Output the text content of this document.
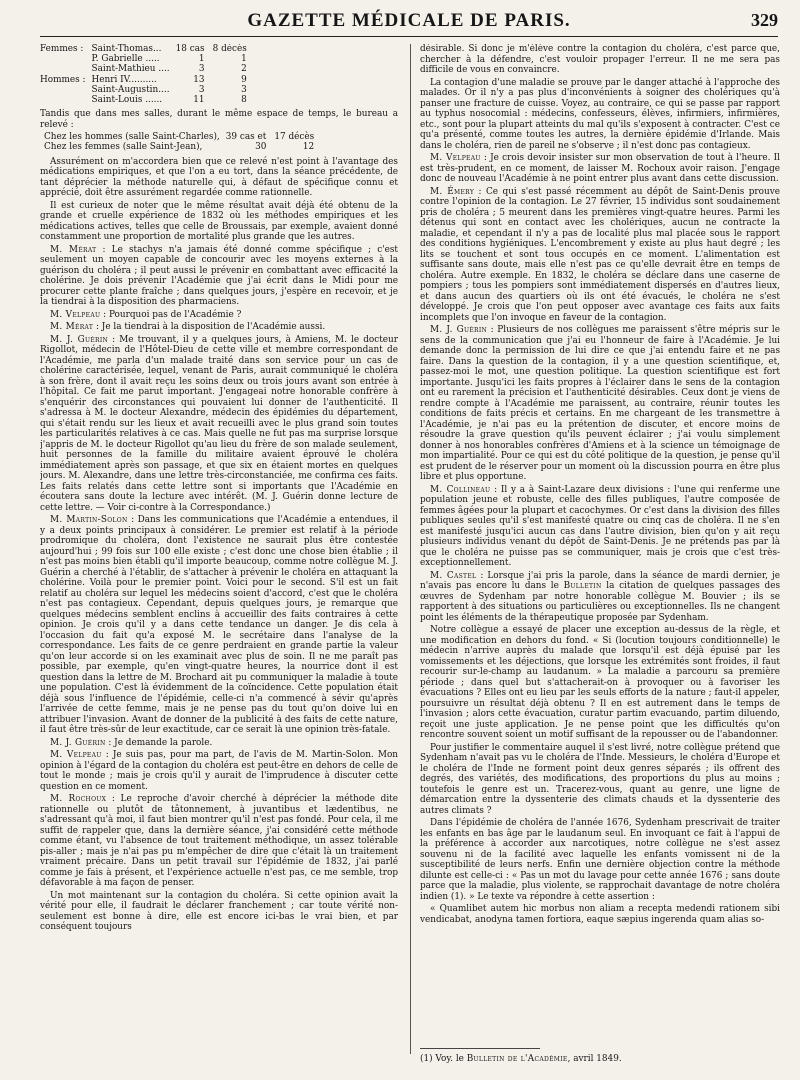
GAZETTE MÉDICALE DE PARIS.	329
Femmes :	Saint-Thomas...	18 cas	8 décès
	P. Gabrielle .....	1	1
	Saint-Mathieu ....	3	2
Hommes :	Henri IV..........	13	9
	Saint-Augustin....	3	3
	Saint-Louis ......	11	8

Tandis que dans mes salles, durant le même espace de temps, le bureau a relevé :

Chez les hommes (salle Saint-Charles),	39 cas et	17 décès
Chez les femmes (salle Saint-Jean),	30	12

Assurément on m'accordera bien que ce relevé n'est point à l'avantage des médications empiriques, et que l'on a eu tort, dans la séance précédente, de tant déprécier la méthode naturelle qui, à défaut de spécifique connu et apprécié, doit être assurément regardée comme rationnelle.

Il est curieux de noter que le même résultat avait déjà été obtenu de la grande et cruelle expérience de 1832 où les méthodes empiriques et les médications actives, telles que celle de Broussais, par exemple, avaient donné constamment une proportion de mortalité plus grande que les autres.

M. Mérat : Le stachys n'a jamais été donné comme spécifique ; c'est seulement un moyen capable de concourir avec les moyens externes à la guérison du choléra ; il peut aussi le prévenir en combattant avec efficacité la cholérine. Je dois prévenir l'Académie que j'ai écrit dans le Midi pour me procurer cette plante fraîche ; dans quelques jours, j'espère en recevoir, et je la tiendrai à la disposition des pharmaciens.

M. Velpeau : Pourquoi pas de l'Académie ?

M. Mérat : Je la tiendrai à la disposition de l'Académie aussi.

M. J. Guérin : Me trouvant, il y a quelques jours, à Amiens, M. le docteur Rigollot, médecin de l'Hôtel-Dieu de cette ville et membre correspondant de l'Académie, me parla d'un malade traité dans son service pour un cas de cholérine caractérisée, lequel, venant de Paris, aurait communiqué le choléra à son frère, dont il avait reçu les soins deux ou trois jours avant son entrée à l'hôpital. Ce fait me parut important. J'engageai notre honorable confrère à s'enquérir des circonstances qui pouvaient lui donner de l'authenticité. Il s'adressa à M. le docteur Alexandre, médecin des épidémies du département, qui s'était rendu sur les lieux et avait recueilli avec le plus grand soin toutes les particularités relatives à ce cas. Mais quelle ne fut pas ma surprise lorsque j'appris de M. le docteur Rigollot qu'au lieu du frère de son malade seulement, huit personnes de la famille du militaire avaient éprouvé le choléra immédiatement après son passage, et que six en étaient mortes en quelques jours. M. Alexandre, dans une lettre très-circonstanciée, me confirma ces faits. Les faits relatés dans cette lettre sont si importants que l'Académie en écoutera sans doute la lecture avec intérêt. (M. J. Guérin donne lecture de cette lettre. — Voir ci-contre à la Correspondance.)

M. Martin-Solon : Dans les communications que l'Académie a entendues, il y a deux points principaux à considérer. Le premier est relatif à la période prodromique du choléra, dont l'existence ne saurait plus être contestée aujourd'hui ; 99 fois sur 100 elle existe ; c'est donc une chose bien établie ; il n'est pas moins bien établi qu'il importe beaucoup, comme notre collègue M. J. Guérin a cherché à l'établir, de s'attacher à prévenir le choléra en attaquant la cholérine. Voilà pour le premier point. Voici pour le second. S'il est un fait relatif au choléra sur lequel les médecins soient d'accord, c'est que le choléra n'est pas contagieux. Cependant, depuis quelques jours, je remarque que quelques médecins semblent enclins à accueillir des faits contraires à cette opinion. Je crois qu'il y a dans cette tendance un danger. Je dis cela à l'occasion du fait qu'a exposé M. le secrétaire dans l'analyse de la correspondance. Les faits de ce genre perdraient en grande partie la valeur qu'on leur accorde si on les examinait avec plus de soin. Il ne me paraît pas possible, par exemple, qu'en vingt-quatre heures, la nourrice dont il est question dans la lettre de M. Brochard ait pu communiquer la maladie à toute une population. C'est là évidemment de la coïncidence. Cette population était déjà sous l'influence de l'épidémie, celle-ci n'a commencé à sévir qu'après l'arrivée de cette femme, mais je ne pense pas du tout qu'on doive lui en attribuer l'invasion. Avant de donner de la publicité à des faits de cette nature, il faut être très-sûr de leur exactitude, car ce serait là une opinion très-fatale.

M. J. Guérin : Je demande la parole.

M. Velpeau : Je suis pas, pour ma part, de l'avis de M. Martin-Solon. Mon opinion à l'égard de la contagion du choléra est peut-être en dehors de celle de tout le monde ; mais je crois qu'il y aurait de l'imprudence à discuter cette question en ce moment.

M. Rochoux : Le reproche d'avoir cherché à déprécier la méthode dite rationnelle ou plutôt de tâtonnement, à juvantibus et lædentibus, ne s'adressant qu'à moi, il faut bien montrer qu'il n'est pas fondé. Pour cela, il me suffit de rappeler que, dans la dernière séance, j'ai considéré cette méthode comme étant, vu l'absence de tout traitement méthodique, un assez tolérable pis-aller ; mais je n'ai pas pu m'empêcher de dire que c'était là un traitement vraiment précaire. Dans un petit travail sur l'épidémie de 1832, j'ai parlé comme je fais à présent, et l'expérience actuelle n'est pas, ce me semble, trop défavorable à ma façon de penser.

Un mot maintenant sur la contagion du choléra. Si cette opinion avait la vérité pour elle, il faudrait le déclarer franchement ; car toute vérité non-seulement est bonne à dire, elle est encore ici-bas le vrai bien, et par conséquent toujours

désirable. Si donc je m'élève contre la contagion du choléra, c'est parce que, chercher à la défendre, c'est vouloir propager l'erreur. Il ne me sera pas difficile de vous en convaincre.

La contagion d'une maladie se prouve par le danger attaché à l'approche des malades. Or il n'y a pas plus d'inconvénients à soigner des cholériques qu'à panser une fracture de cuisse. Voyez, au contraire, ce qui se passe par rapport au typhus nosocomial : médecins, confesseurs, élèves, infirmiers, infirmières, etc., sont pour la plupart atteints du mal qu'ils s'exposent à contracter. C'est ce qu'a présenté, comme toutes les autres, la dernière épidémie d'Irlande. Mais dans le choléra, rien de pareil ne s'observe ; il n'est donc pas contagieux.

M. Velpeau : Je crois devoir insister sur mon observation de tout à l'heure. Il est très-prudent, en ce moment, de laisser M. Rochoux avoir raison. J'engage donc de nouveau l'Académie à ne point entrer plus avant dans cette discussion.

M. Émery : Ce qui s'est passé récemment au dépôt de Saint-Denis prouve contre l'opinion de la contagion. Le 27 février, 15 individus sont soudainement pris de choléra ; 5 meurent dans les premières vingt-quatre heures. Parmi les détenus qui sont en contact avec les cholériques, aucun ne contracte la maladie, et cependant il n'y a pas de localité plus mal placée sous le rapport des conditions hygiéniques. L'encombrement y existe au plus haut degré ; les lits se touchent et sont tous occupés en ce moment. L'alimentation est suffisante sans doute, mais elle n'est pas ce qu'elle devrait être en temps de choléra. Autre exemple. En 1832, le choléra se déclare dans une caserne de pompiers ; tous les pompiers sont immédiatement dispersés en d'autres lieux, et dans aucun des quartiers où ils ont été évacués, le choléra ne s'est développé. Je crois que l'on peut opposer avec avantage ces faits aux faits incomplets que l'on invoque en faveur de la contagion.

M. J. Guérin : Plusieurs de nos collègues me paraissent s'être mépris sur le sens de la communication que j'ai eu l'honneur de faire à l'Académie. Je lui demande donc la permission de lui dire ce que j'ai entendu faire et ne pas faire. Dans la question de la contagion, il y a une question scientifique, et, passez-moi le mot, une question politique. La question scientifique est fort importante. Jusqu'ici les faits propres à l'éclairer dans le sens de la contagion ont eu rarement la précision et l'authenticité désirables. Ceux dont je viens de rendre compte à l'Académie me paraissent, au contraire, réunir toutes les conditions de faits précis et certains. En me chargeant de les transmettre à l'Académie, je n'ai pas eu la prétention de discuter, et encore moins de résoudre la grave question qu'ils peuvent éclairer ; j'ai voulu simplement donner à nos honorables confrères d'Amiens et à la science un témoignage de mon impartialité. Pour ce qui est du côté politique de la question, je pense qu'il est prudent de le réserver pour un moment où la discussion pourra en être plus libre et plus opportune.

M. Collineau : Il y a à Saint-Lazare deux divisions : l'une qui renferme une population jeune et robuste, celle des filles publiques, l'autre composée de femmes âgées pour la plupart et cacochymes. Or c'est dans la division des filles publiques seules qu'il s'est manifesté quatre ou cinq cas de choléra. Il ne s'en est manifesté jusqu'ici aucun cas dans l'autre division, bien qu'on y ait reçu plusieurs individus venant du dépôt de Saint-Denis. Je ne prétends pas par là que le choléra ne puisse pas se communiquer, mais je crois que c'est très-exceptionnellement.

M. Castel : Lorsque j'ai pris la parole, dans la séance de mardi dernier, je n'avais pas encore lu dans le Bulletin la citation de quelques passages des œuvres de Sydenham par notre honorable collègue M. Bouvier ; ils se rapportent à des situations ou particulières ou exceptionnelles. Ils ne changent point les éléments de la thérapeutique proposée par Sydenham.

Notre collègue a essayé de placer une exception au-dessus de la règle, et une modification en dehors du fond. « Si (locution toujours conditionnelle) le médecin n'arrive auprès du malade que lorsqu'il est déjà épuisé par les vomissements et les déjections, que lorsque les extrémités sont froides, il faut recourir sur-le-champ au laudanum. » La maladie a parcouru sa première période ; dans quel but s'attacherait-on à provoquer ou à favoriser les évacuations ? Elles ont eu lieu par les seuls efforts de la nature ; faut-il appeler, poursuivre un résultat déjà obtenu ? Il en est autrement dans le temps de l'invasion ; alors cette évacuation, curatur partim evacuando, partim diluendo, reçoit une juste application. Je ne pense point que les difficultés qu'on rencontre souvent soient un motif suffisant de la repousser ou de l'abandonner.

Pour justifier le commentaire auquel il s'est livré, notre collègue prétend que Sydenham n'avait pas vu le choléra de l'Inde. Messieurs, le choléra d'Europe et le choléra de l'Inde ne forment point deux genres séparés ; ils offrent des degrés, des variétés, des modifications, des proportions du plus au moins ; toutefois le genre est un. Tracerez-vous, quant au genre, une ligne de démarcation entre la dyssenterie des climats chauds et la dyssenterie des autres climats ?

Dans l'épidémie de choléra de l'année 1676, Sydenham prescrivait de traiter les enfants en bas âge par le laudanum seul. En invoquant ce fait à l'appui de la préférence à accorder aux narcotiques, notre collègue ne s'est assez souvenu ni de la facilité avec laquelle les enfants vomissent ni de la susceptibilité de leurs nerfs. Enfin une dernière objection contre la méthode dilunte est celle-ci : « Pas un mot du lavage pour cette année 1676 ; sans doute parce que la maladie, plus violente, se rapprochait davantage de notre choléra indien (1). » Le texte va répondre à cette assertion :

« Quamlibet autem hic morbus non aliam a recepta medendi rationem sibi vendicabat, anodyna tamen fortiora, eaque sæpius ingerenda quam alias so-

(1) Voy. le Bulletin de l'Académie, avril 1849.
